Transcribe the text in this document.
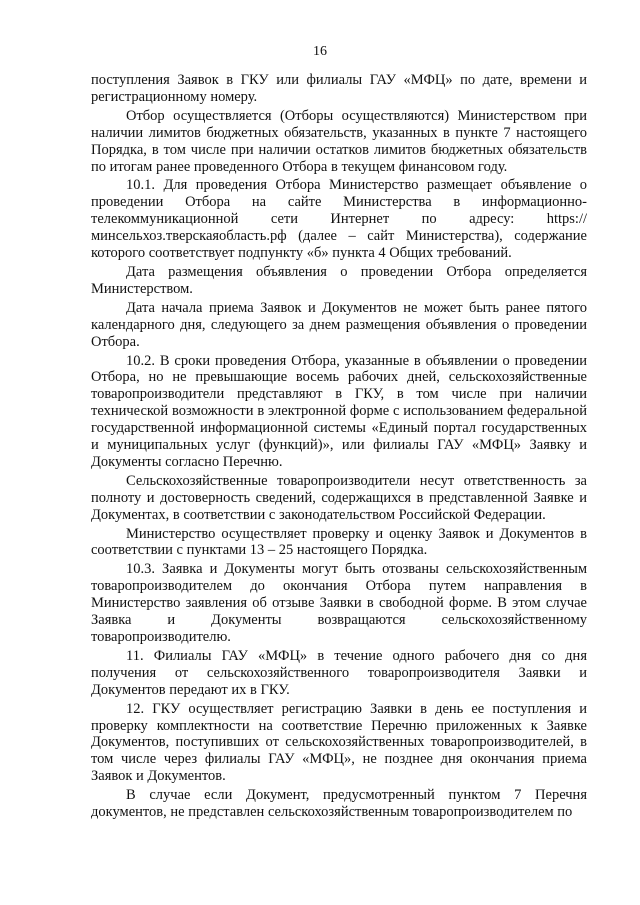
16

поступления Заявок в ГКУ или филиалы ГАУ «МФЦ» по дате, времени и регистрационному номеру.

Отбор осуществляется (Отборы осуществляются) Министерством при наличии лимитов бюджетных обязательств, указанных в пункте 7 настоящего Порядка, в том числе при наличии остатков лимитов бюджетных обязательств по итогам ранее проведенного Отбора в текущем финансовом году.

10.1. Для проведения Отбора Министерство размещает объявление о проведении Отбора на сайте Министерства в информационно-телекоммуникационной сети Интернет по адресу: https://минсельхоз.тверскаяобласть.рф (далее – сайт Министерства), содержание которого соответствует подпункту «б» пункта 4 Общих требований.

Дата размещения объявления о проведении Отбора определяется Министерством.

Дата начала приема Заявок и Документов не может быть ранее пятого календарного дня, следующего за днем размещения объявления о проведении Отбора.

10.2. В сроки проведения Отбора, указанные в объявлении о проведении Отбора, но не превышающие восемь рабочих дней, сельскохозяйственные товаропроизводители представляют в ГКУ, в том числе при наличии технической возможности в электронной форме с использованием федеральной государственной информационной системы «Единый портал государственных и муниципальных услуг (функций)», или филиалы ГАУ «МФЦ» Заявку и Документы согласно Перечню.

Сельскохозяйственные товаропроизводители несут ответственность за полноту и достоверность сведений, содержащихся в представленной Заявке и Документах, в соответствии с законодательством Российской Федерации.

Министерство осуществляет проверку и оценку Заявок и Документов в соответствии с пунктами 13 – 25 настоящего Порядка.

10.3. Заявка и Документы могут быть отозваны сельскохозяйственным товаропроизводителем до окончания Отбора путем направления в Министерство заявления об отзыве Заявки в свободной форме. В этом случае Заявка и Документы возвращаются сельскохозяйственному товаропроизводителю.

11. Филиалы ГАУ «МФЦ» в течение одного рабочего дня со дня получения от сельскохозяйственного товаропроизводителя Заявки и Документов передают их в ГКУ.

12. ГКУ осуществляет регистрацию Заявки в день ее поступления и проверку комплектности на соответствие Перечню приложенных к Заявке Документов, поступивших от сельскохозяйственных товаропроизводителей, в том числе через филиалы ГАУ «МФЦ», не позднее дня окончания приема Заявок и Документов.

В случае если Документ, предусмотренный пунктом 7 Перечня документов, не представлен сельскохозяйственным товаропроизводителем по
